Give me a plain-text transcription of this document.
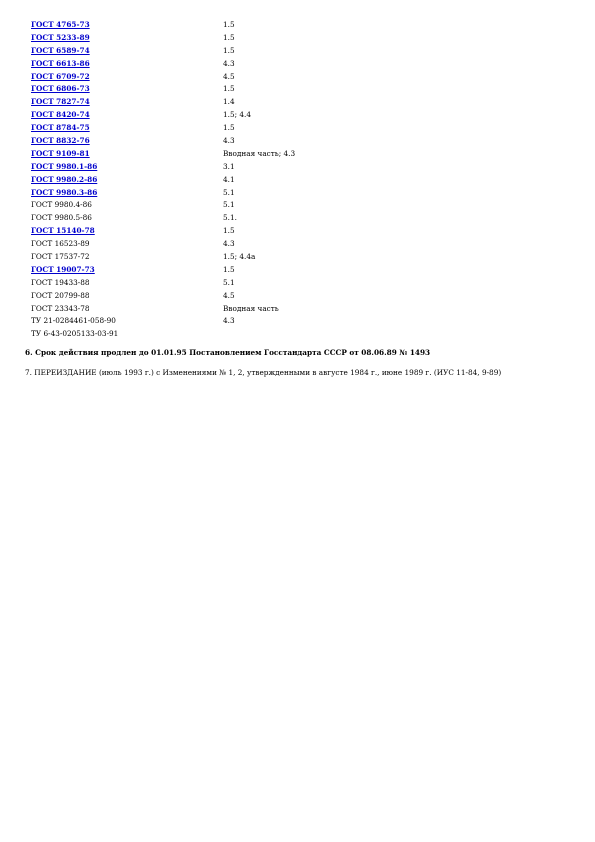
ГОСТ 4765-73	1.5
ГОСТ 5233-89	1.5
ГОСТ 6589-74	1.5
ГОСТ 6613-86	4.3
ГОСТ 6709-72	4.5
ГОСТ 6806-73	1.5
ГОСТ 7827-74	1.4
ГОСТ 8420-74	1.5; 4.4
ГОСТ 8784-75	1.5
ГОСТ 8832-76	4.3
ГОСТ 9109-81	Вводная часть; 4.3
ГОСТ 9980.1-86	3.1
ГОСТ 9980.2-86	4.1
ГОСТ 9980.3-86	5.1
ГОСТ 9980.4-86	5.1
ГОСТ 9980.5-86	5.1.
ГОСТ 15140-78	1.5
ГОСТ 16523-89	4.3
ГОСТ 17537-72	1.5; 4.4а
ГОСТ 19007-73	1.5
ГОСТ 19433-88	5.1
ГОСТ 20799-88	4.5
ГОСТ 23343-78	Вводная часть
ТУ 21-0284461-058-90	4.3
ТУ 6-43-0205133-03-91
6. Срок действия продлен до 01.01.95 Постановлением Госстандарта СССР от 08.06.89 № 1493
7. ПЕРЕИЗДАНИЕ (июль 1993 г.) с Изменениями № 1, 2, утвержденными в августе 1984 г., июне 1989 г. (ИУС 11-84, 9-89)
